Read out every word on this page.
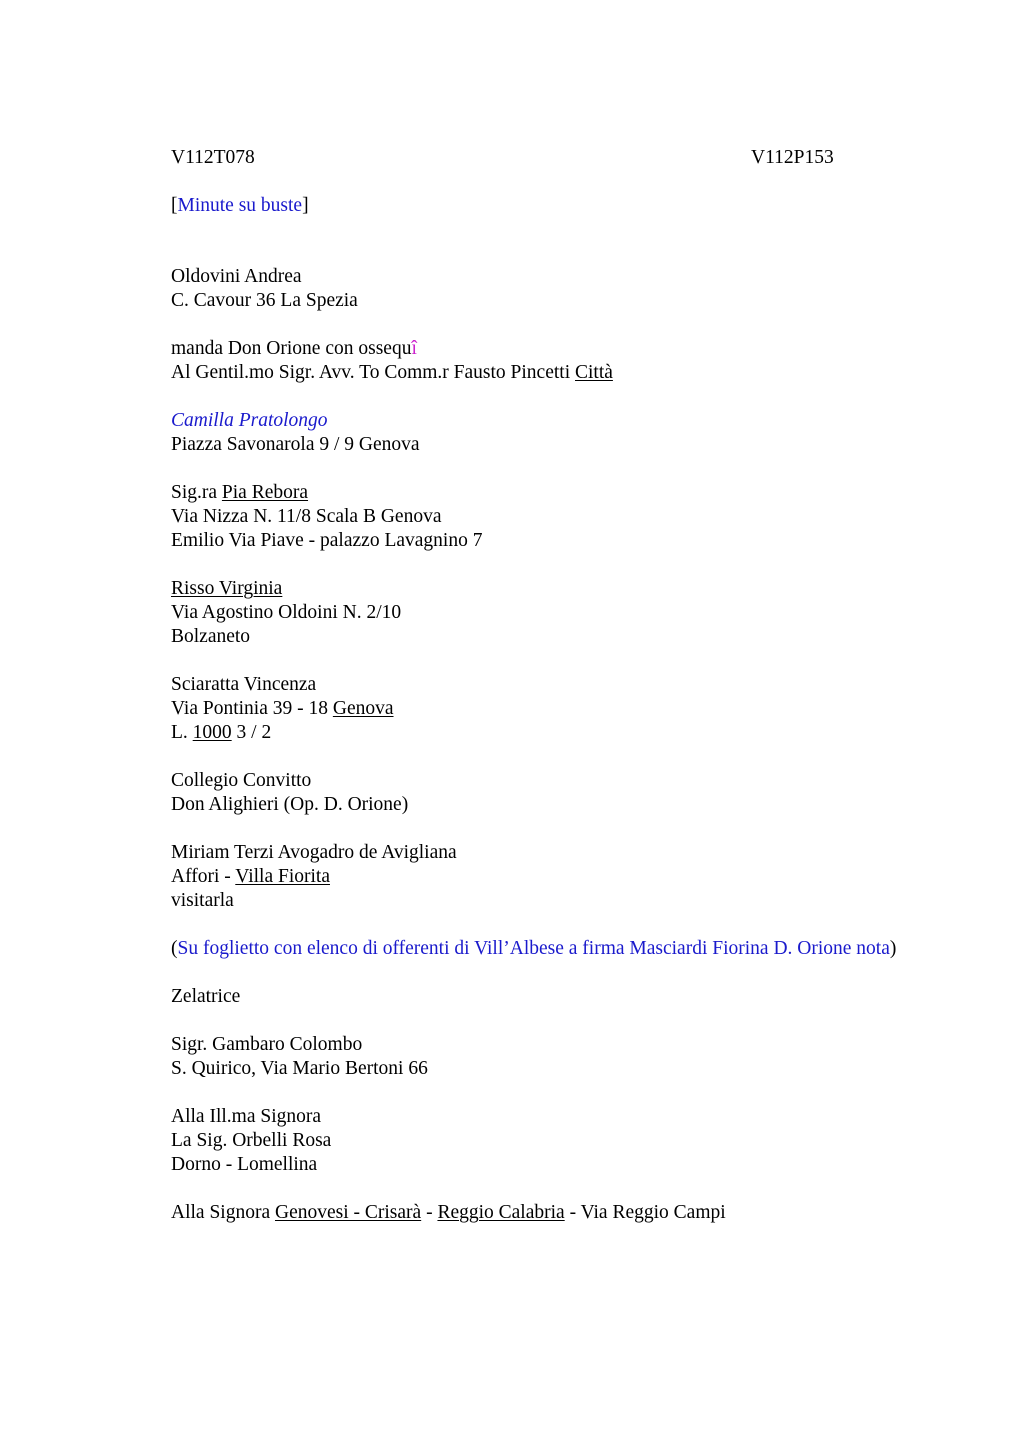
V112T078	V112P153
[Minute su buste]
Oldovini Andrea
C. Cavour 36 La Spezia
manda Don Orione con ossequî
Al Gentil.mo Sigr. Avv. To Comm.r Fausto Pincetti Città
Camilla Pratolongo
Piazza Savonarola 9 / 9 Genova
Sig.ra Pia Rebora
Via Nizza N. 11/8 Scala B Genova
Emilio Via Piave - palazzo Lavagnino 7
Risso Virginia
Via Agostino Oldoini N. 2/10
Bolzaneto
Sciaratta Vincenza
Via Pontinia 39 - 18 Genova
L. 1000 3 / 2
Collegio Convitto
Don Alighieri (Op. D. Orione)
Miriam Terzi Avogadro de Avigliana
Affori - Villa Fiorita
visitarla
(Su foglietto con elenco di offerenti di Vill’Albese a firma Masciardi Fiorina D. Orione nota)
Zelatrice
Sigr. Gambaro Colombo
S. Quirico, Via Mario Bertoni 66
Alla Ill.ma Signora
La Sig. Orbelli Rosa
Dorno - Lomellina
Alla Signora Genovesi - Crisarà - Reggio Calabria - Via Reggio Campi
